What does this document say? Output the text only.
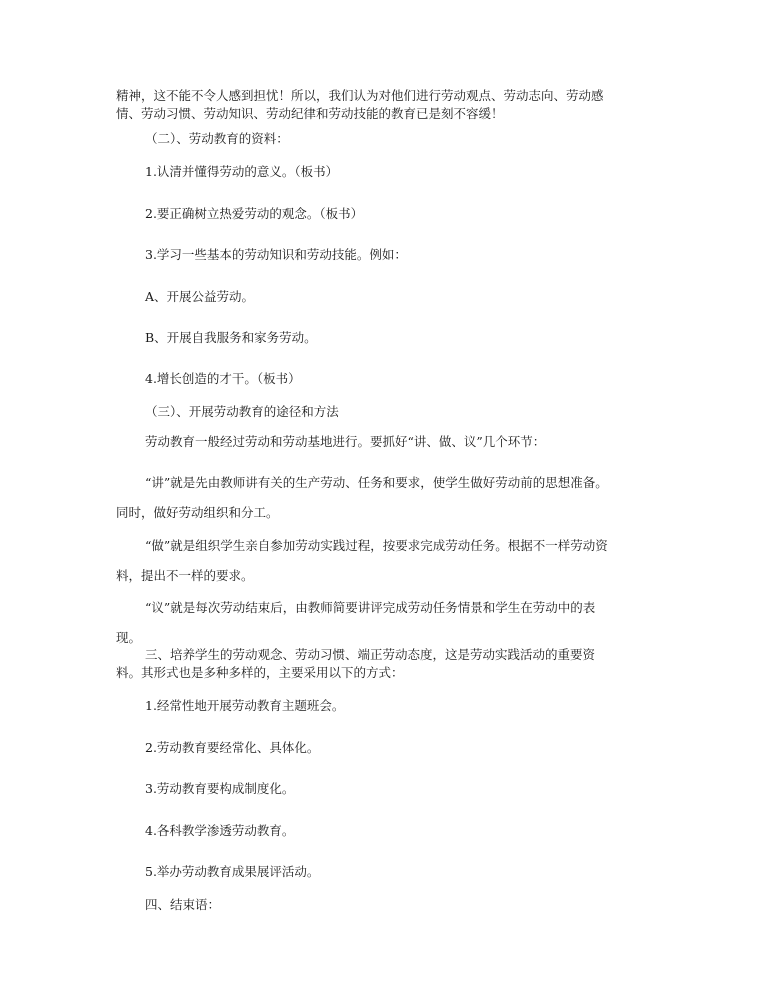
精神，这不能不令人感到担忧！所以，我们认为对他们进行劳动观点、劳动志向、劳动感
情、劳动习惯、劳动知识、劳动纪律和劳动技能的教育已是刻不容缓！
（二）、劳动教育的资料：
1.认清并懂得劳动的意义。（板书）
2.要正确树立热爱劳动的观念。（板书）
3.学习一些基本的劳动知识和劳动技能。例如：
A、开展公益劳动。
B、开展自我服务和家务劳动。
4.增长创造的才干。（板书）
（三）、开展劳动教育的途径和方法
劳动教育一般经过劳动和劳动基地进行。要抓好“讲、做、议”几个环节：
“讲”就是先由教师讲有关的生产劳动、任务和要求，使学生做好劳动前的思想准备。
同时，做好劳动组织和分工。
“做”就是组织学生亲自参加劳动实践过程，按要求完成劳动任务。根据不一样劳动资
料，提出不一样的要求。
“议”就是每次劳动结束后，由教师简要讲评完成劳动任务情景和学生在劳动中的表
现。
三、培养学生的劳动观念、劳动习惯、端正劳动态度，这是劳动实践活动的重要资
料。其形式也是多种多样的，主要采用以下的方式：
1.经常性地开展劳动教育主题班会。
2.劳动教育要经常化、具体化。
3.劳动教育要构成制度化。
4.各科教学渗透劳动教育。
5.举办劳动教育成果展评活动。
四、结束语：
